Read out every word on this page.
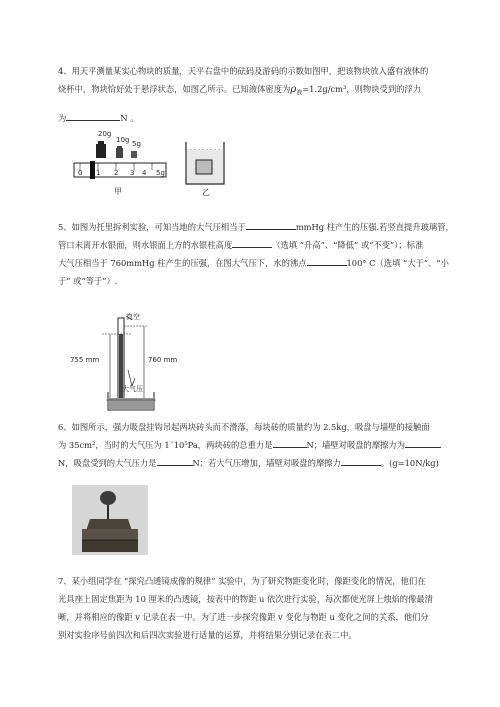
4、用天平测量某实心物块的质量，天平右盘中的砝码及游码的示数如图甲，把该物块放入盛有液体的

烧杯中，物块恰好处于悬浮状态，如图乙所示。已知液体密度为$\rho_液=1.2g$/cm³，则物块受到的浮力

为	N 。

20g
10g 5g
0 1 2 3 4 5g
甲	乙

5、如图为托里拆利实验，可知当地的大气压相当于	mmHg 柱产生的压强.若竖直提升玻璃管，

管口未离开水银面，则水银面上方的水银柱高度	（选填 “升高”、“降低” 或“不变”）；标准

大气压相当于 760mmHg 柱产生的压强，在图大气压下，水的沸点	100° C（选填 “大于”、“小

于” 或“等于”）.

真空
755 mm	760 mm
大气压

6、如图所示，强力吸盘挂钩吊起两块砖头而不滑落，每块砖的质量约为 2.5kg，吸盘与墙壁的接触面

为 35cm²，当时的大气压为 1´10⁵Pa，两块砖的总重力是	N；墙壁对吸盘的摩擦力为

N，吸盘受到的大气压力是	N；若大气压增加，墙壁对吸盘的摩擦力	。(g=10N/kg)

7、某小组同学在 “探究凸透镜成像的规律” 实验中，为了研究物距变化时，像距变化的情况，他们在

光具座上固定焦距为 10 厘米的凸透镜，按表中的物距 u 依次进行实验，每次都使光屏上烛焰的像最清

晰，并将相应的像距 v 记录在表一中。为了进一步探究像距 v 变化与物距 u 变化之间的关系，他们分

别对实验序号前四次和后四次实验进行适量的运算，并将结果分别记录在表二中。
